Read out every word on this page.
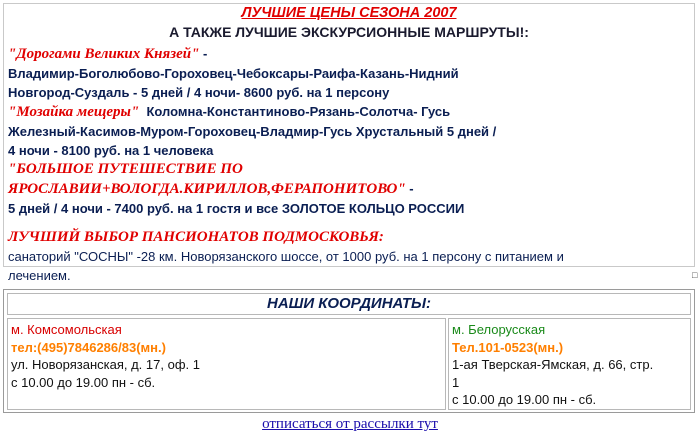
ЛУЧШИЕ ЦЕНЫ СЕЗОНА 2007
А ТАКЖЕ ЛУЧШИЕ ЭКСКУРСИОННЫЕ МАРШРУТЫ!:
"Дорогами Великих Князей" -
Владимир-Боголюбово-Гороховец-Чебоксары-Раифа-Казань-Нидний
Новгород-Суздаль - 5 дней / 4 ночи- 8600 руб. на 1 персону
"Мозайка мещеры" Коломна-Константиново-Рязань-Солотча- Гусь
Железный-Касимов-Муром-Гороховец-Владмир-Гусь Хрустальный 5 дней /
4 ночи - 8100 руб. на 1 человека
"БОЛЬШОЕ ПУТЕШЕСТВИЕ ПО
ЯРОСЛАВИИ+ВОЛОГДА.КИРИЛЛОВ,ФЕРАПОНИТОВО" -
5 дней / 4 ночи - 7400 руб. на 1 гостя и все ЗОЛОТОЕ КОЛЬЦО РОССИИ
ЛУЧШИЙ ВЫБОР ПАНСИОНАТОВ ПОДМОСКОВЬЯ:
санаторий "СОСНЫ" -28 км. Новорязанского шоссе, от 1000 руб. на 1 персону с питанием и
лечением.	□
НАШИ КООРДИНАТЫ:
м. Комсомольская
тел:(495)7846286/83(мн.)
ул. Новорязанская, д. 17, оф. 1
с 10.00 до 19.00 пн - сб.
м. Белорусская
Тел.101-0523(мн.)
1-ая Тверская-Ямская, д. 66, стр.
1
с 10.00 до 19.00 пн - сб.
отписаться от рассылки тут
